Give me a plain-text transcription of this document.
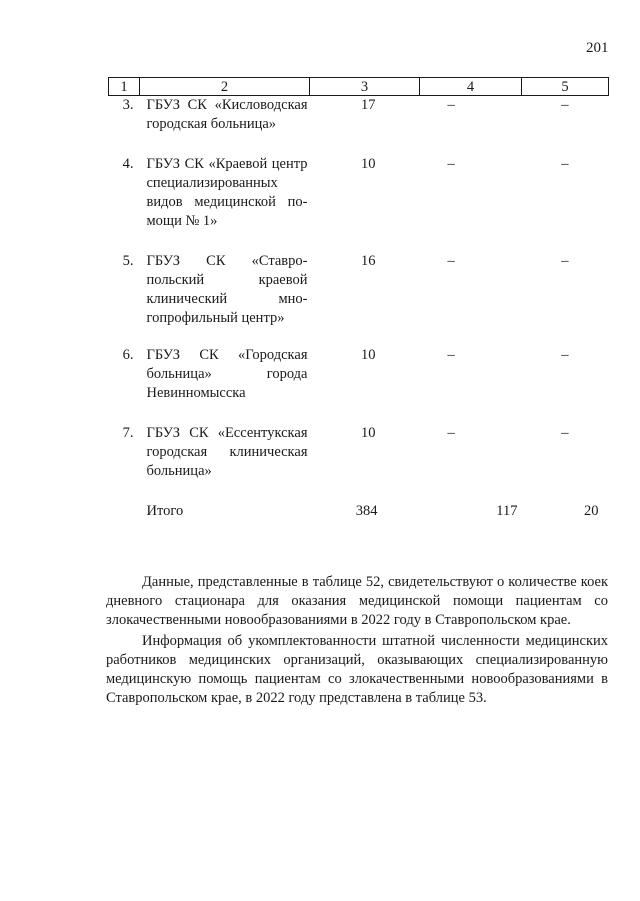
201
1	2	3	4	5
3.	ГБУЗ СК «Кисловодская городская больница»	17	–	–

4.	ГБУЗ СК «Краевой центр специализированных видов медицинской помощи № 1»	10	–	–

5.	ГБУЗ СК «Ставропольский краевой клинический многопрофильный центр»	16	–	–

6.	ГБУЗ СК «Городская больница» города Невинномысска	10	–	–

7.	ГБУЗ СК «Ессентукская городская клиническая больница»	10	–	–

	Итого	384	117	20

Данные, представленные в таблице 52, свидетельствуют о количестве коек дневного стационара для оказания медицинской помощи пациентам со злокачественными новообразованиями в 2022 году в Ставропольском крае.

Информация об укомплектованности штатной численности медицинских работников медицинских организаций, оказывающих специализированную медицинскую помощь пациентам со злокачественными новообразованиями в Ставропольском крае, в 2022 году представлена в таблице 53.
